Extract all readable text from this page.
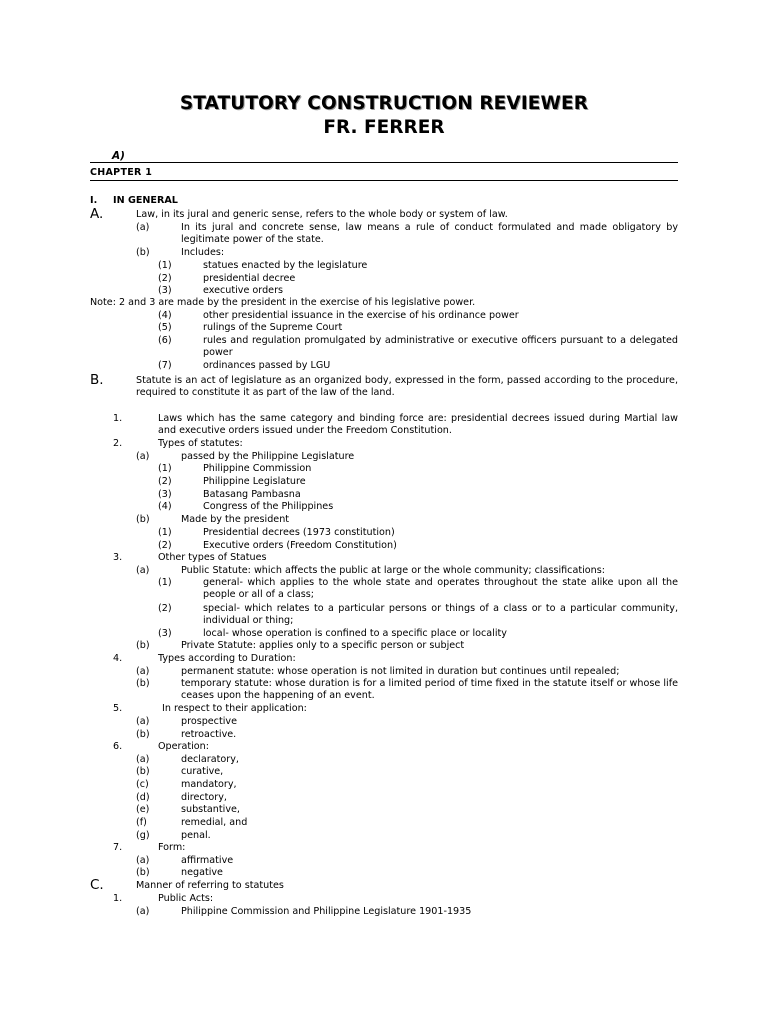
STATUTORY CONSTRUCTION REVIEWER
FR. FERRER
A)
CHAPTER 1
I. IN GENERAL
A.	Law, in its jural and generic sense, refers to the whole body or system of law.
(a)	In its jural and concrete sense, law means a rule of conduct formulated and made obligatory by legitimate power of the state.
(b)	Includes:
(1)	statues enacted by the legislature
(2)	presidential decree
(3)	executive orders
Note: 2 and 3 are made by the president in the exercise of his legislative power.
(4)	other presidential issuance in the exercise of his ordinance power
(5)	rulings of the Supreme Court
(6)	rules and regulation promulgated by administrative or executive officers pursuant to a delegated power
(7)	ordinances passed by LGU
B.	Statute is an act of legislature as an organized body, expressed in the form, passed according to the procedure, required to constitute it as part of the law of the land.
1.	Laws which has the same category and binding force are: presidential decrees issued during Martial law and executive orders issued under the Freedom Constitution.
2.	Types of statutes:
(a)	passed by the Philippine Legislature
(1)	Philippine Commission
(2)	Philippine Legislature
(3)	Batasang Pambasna
(4)	Congress of the Philippines
(b)	Made by the president
(1)	Presidential decrees (1973 constitution)
(2)	Executive orders (Freedom Constitution)
3.	Other types of Statues
(a)	Public Statute: which affects the public at large or the whole community; classifications:
(1)	general- which applies to the whole state and operates throughout the state alike upon all the people or all of a class;
(2)	special- which relates to a particular persons or things of a class or to a particular community, individual or thing;
(3)	local- whose operation is confined to a specific place or locality
(b)	Private Statute: applies only to a specific person or subject
4.	Types according to Duration:
(a)	permanent statute: whose operation is not limited in duration but continues until repealed;
(b)	temporary statute: whose duration is for a limited period of time fixed in the statute itself or whose life ceases upon the happening of an event.
5.	In respect to their application:
(a)	prospective
(b)	retroactive.
6.	Operation:
(a)	declaratory,
(b)	curative,
(c)	mandatory,
(d)	directory,
(e)	substantive,
(f)	remedial, and
(g)	penal.
7.	Form:
(a)	affirmative
(b)	negative
C.	Manner of referring to statutes
1.	Public Acts:
(a)	Philippine Commission and Philippine Legislature 1901-1935
